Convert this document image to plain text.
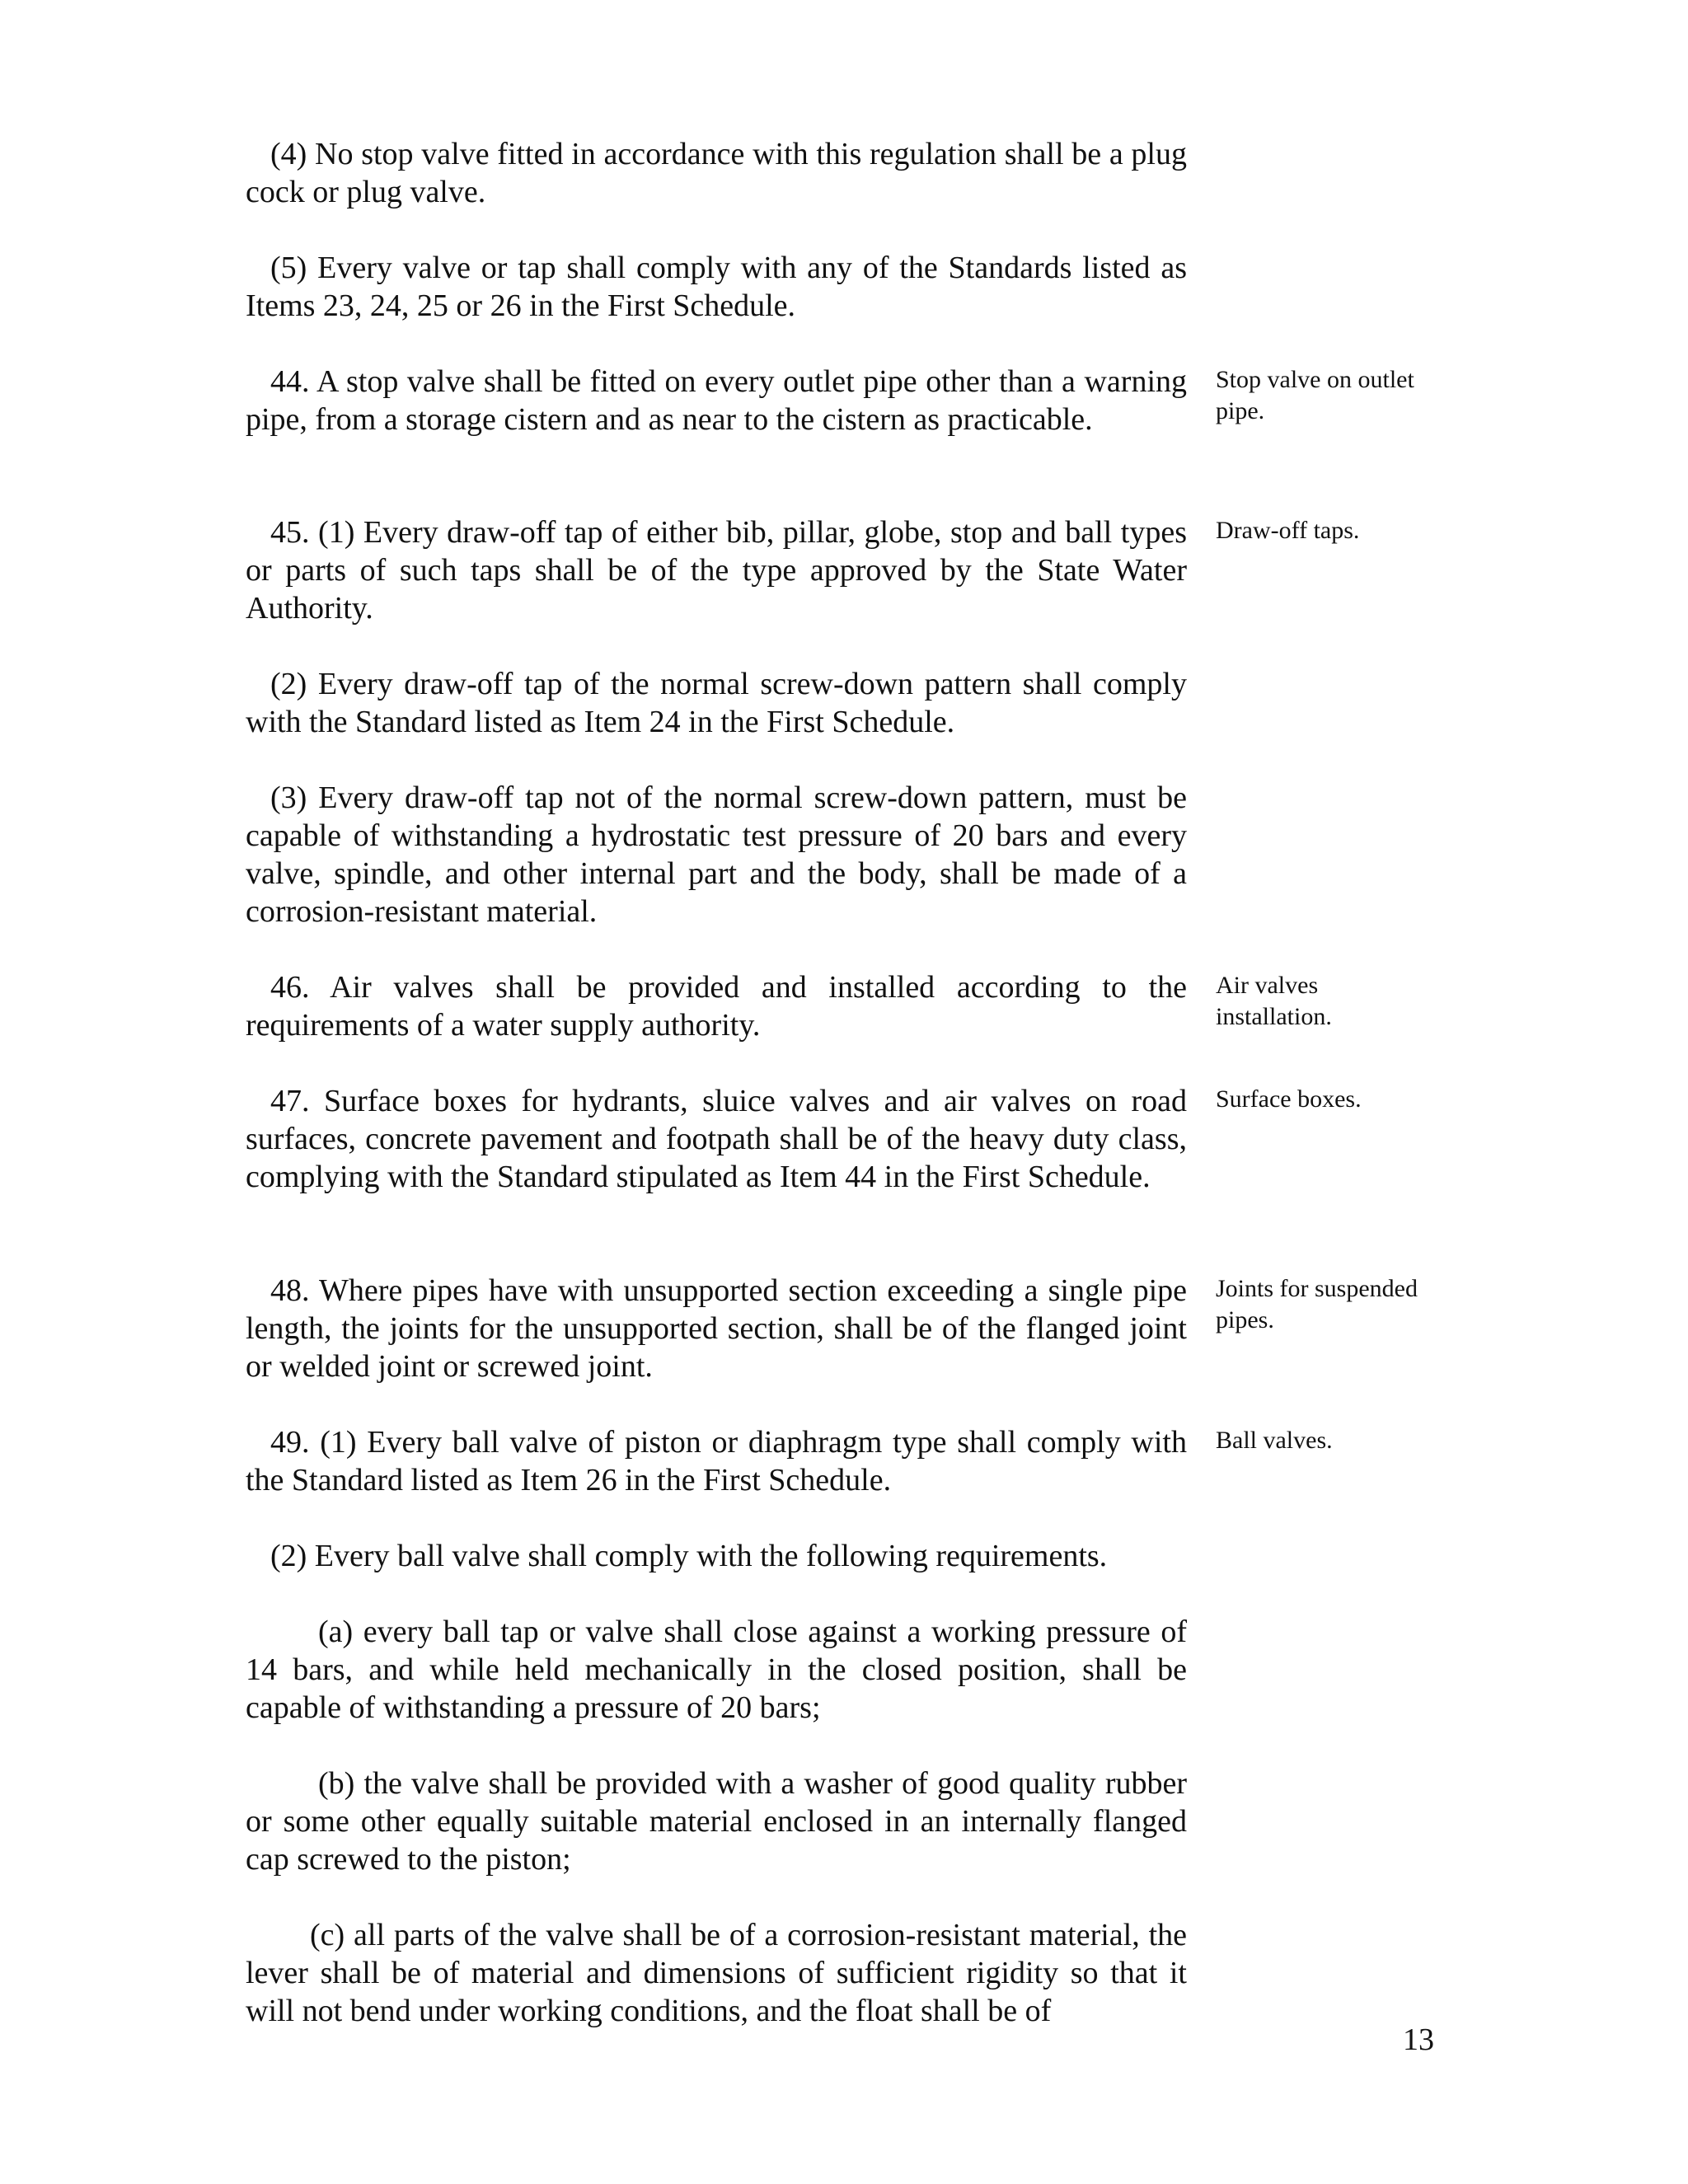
(4) No stop valve fitted in accordance with this regulation shall be a plug cock or plug valve.

(5) Every valve or tap shall comply with any of the Standards listed as Items 23, 24, 25 or 26 in the First Schedule.

44. A stop valve shall be fitted on every outlet pipe other than a warning pipe, from a storage cistern and as near to the cistern as practicable.

Stop valve on outlet pipe.

45. (1) Every draw-off tap of either bib, pillar, globe, stop and ball types or parts of such taps shall be of the type approved by the State Water Authority.

Draw-off taps.

(2) Every draw-off tap of the normal screw-down pattern shall comply with the Standard listed as Item 24 in the First Schedule.

(3) Every draw-off tap not of the normal screw-down pattern, must be capable of withstanding a hydrostatic test pressure of 20 bars and every valve, spindle, and other internal part and the body, shall be made of a corrosion-resistant material.

46. Air valves shall be provided and installed according to the requirements of a water supply authority.

Air valves installation.

47. Surface boxes for hydrants, sluice valves and air valves on road surfaces, concrete pavement and footpath shall be of the heavy duty class, complying with the Standard stipulated as Item 44 in the First Schedule.

Surface boxes.

48. Where pipes have with unsupported section exceeding a single pipe length, the joints for the unsupported section, shall be of the flanged joint or welded joint or screwed joint.

Joints for suspended pipes.

49. (1) Every ball valve of piston or diaphragm type shall comply with the Standard listed as Item 26 in the First Schedule.

Ball valves.

(2) Every ball valve shall comply with the following requirements.

(a) every ball tap or valve shall close against a working pressure of 14 bars, and while held mechanically in the closed position, shall be capable of withstanding a pressure of 20 bars;

(b) the valve shall be provided with a washer of good quality rubber or some other equally suitable material enclosed in an internally flanged cap screwed to the piston;

(c) all parts of the valve shall be of a corrosion-resistant material, the lever shall be of material and dimensions of sufficient rigidity so that it will not bend under working conditions, and the float shall be of

13
